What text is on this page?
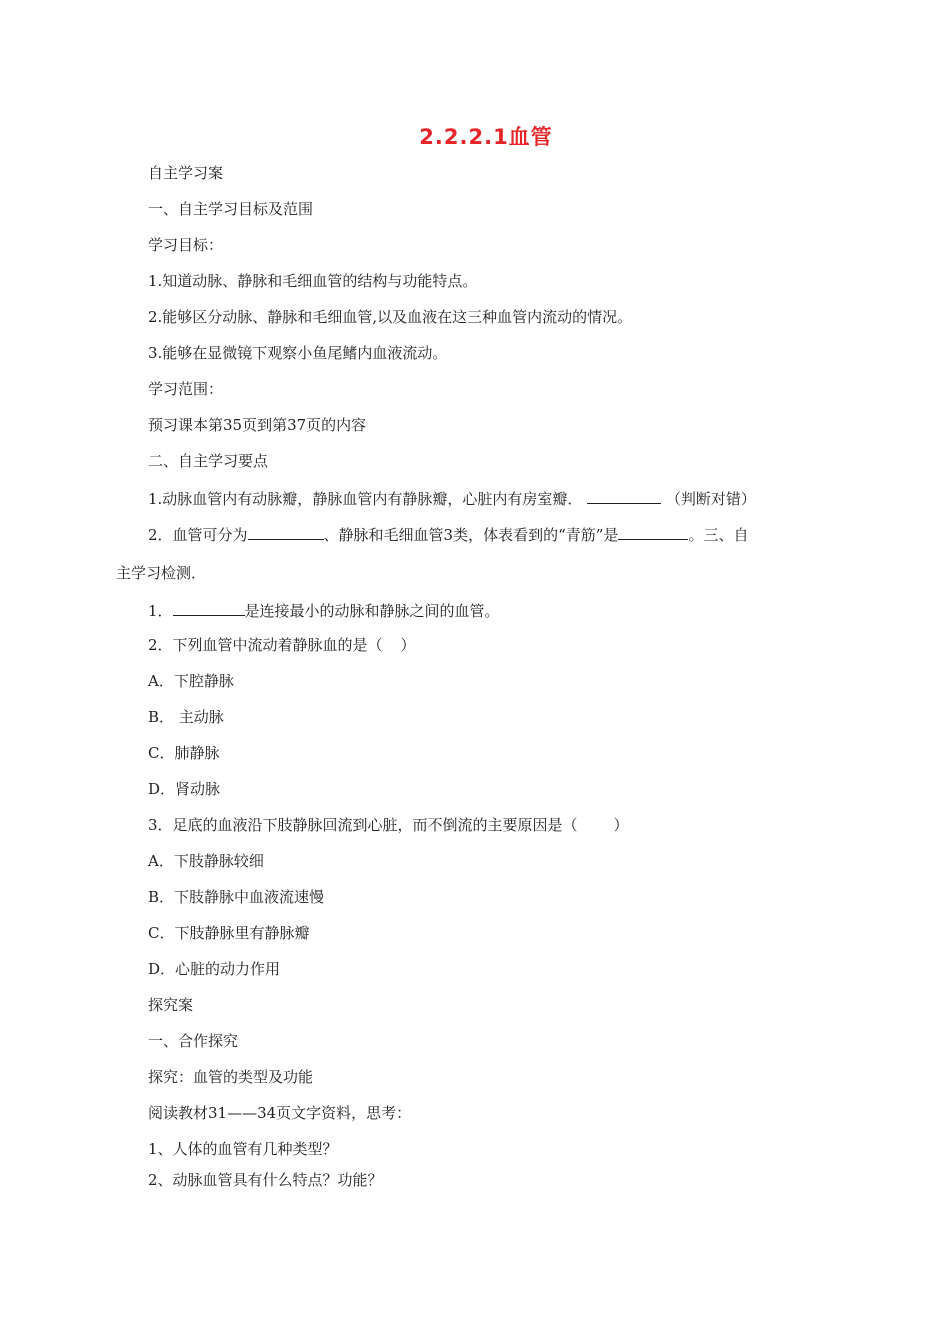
2.2.2.1血管
自主学习案
一、自主学习目标及范围
学习目标：
1.知道动脉、静脉和毛细血管的结构与功能特点。
2.能够区分动脉、静脉和毛细血管,以及血液在这三种血管内流动的情况。
3.能够在显微镜下观察小鱼尾鳍内血液流动。
学习范围：
预习课本第35页到第37页的内容
二、自主学习要点
1.动脉血管内有动脉瓣，静脉血管内有静脉瓣，心脏内有房室瓣．	（判断对错）
2．血管可分为	、静脉和毛细血管3类，体表看到的“青筋”是	。三、自
主学习检测．
1．	是连接最小的动脉和静脉之间的血管。
2．下列血管中流动着静脉血的是（ ）
A．下腔静脉
B． 主动脉
C．肺静脉
D．肾动脉
3．足底的血液沿下肢静脉回流到心脏，而不倒流的主要原因是（ ）
A．下肢静脉较细
B．下肢静脉中血液流速慢
C．下肢静脉里有静脉瓣
D．心脏的动力作用
探究案
一、合作探究
探究：血管的类型及功能
阅读教材31——34页文字资料，思考：
1、人体的血管有几种类型？
2、动脉血管具有什么特点？功能？
